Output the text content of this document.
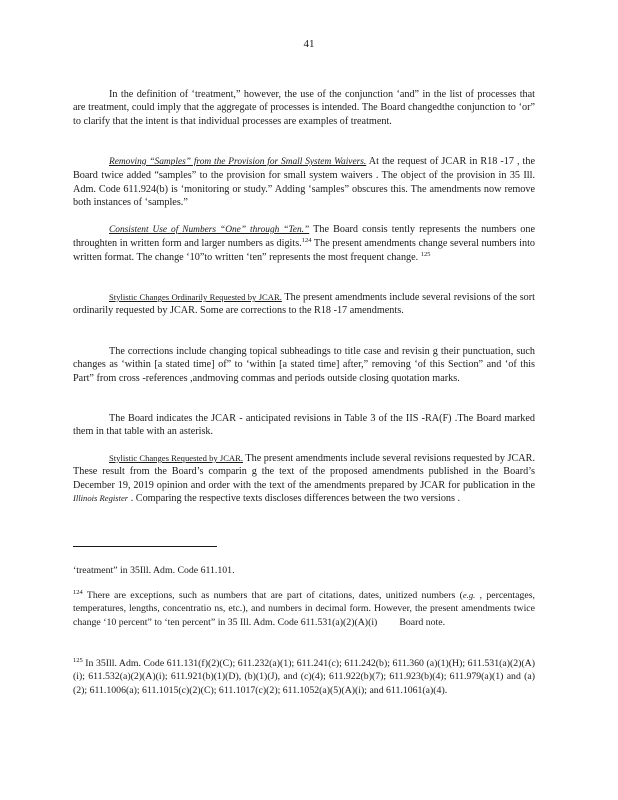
41

In the definition of ‘treatment,” however, the use of the conjunction ‘and” in the list of processes that are treatment, could imply that the aggregate of processes is intended. The Board changedthe conjunction to ‘or” to clarify that the intent is that individual processes are examples of treatment.

Removing “Samples” from the Provision for Small System Waivers. At the request of JCAR in R18 -17 , the Board twice added “samples” to the provision for small system waivers . The object of the provision in 35 Ill. Adm. Code 611.924(b) is ‘monitoring or study.” Adding ‘samples” obscures this. The amendments now remove both instances of ‘samples.”

Consistent Use of Numbers “One” through “Ten.” The Board consis tently represents the numbers one throughten in written form and larger numbers as digits.$^{124}$ The present amendments change several numbers into written format. The change ‘10”to written ‘ten” represents the most frequent change. $^{125}$

Stylistic Changes Ordinarily Requested by JCAR. The present amendments include several revisions of the sort ordinarily requested by JCAR. Some are corrections to the R18 -17 amendments.

The corrections include changing topical subheadings to title case and revisin g their punctuation, such changes as ‘within [a stated time] of” to ‘within [a stated time] after,” removing ‘of this Section” and ‘of this Part” from cross -references ,andmoving commas and periods outside closing quotation marks.

The Board indicates the JCAR - anticipated revisions in Table 3 of the IIS -RA(F) .The Board marked them in that table with an asterisk.

Stylistic Changes Requested by JCAR. The present amendments include several revisions requested by JCAR. These result from the Board’s comparin g the text of the proposed amendments published in the Board’s December 19, 2019 opinion and order with the text of the amendments prepared by JCAR for publication in the Illinois Register . Comparing the respective texts discloses differences between the two versions .

‘treatment” in 35Ill. Adm. Code 611.101.

$^{124}$ There are exceptions, such as numbers that are part of citations, dates, unitized numbers (e.g. , percentages, temperatures, lengths, concentratio ns, etc.), and numbers in decimal form. However, the present amendments twice change ‘10 percent” to ‘ten percent” in 35 Ill. Adm. Code 611.531(a)(2)(A)(i) Board note.

$^{125}$ In 35Ill. Adm. Code 611.131(f)(2)(C); 611.232(a)(1); 611.241(c); 611.242(b); 611.360 (a)(1)(H); 611.531(a)(2)(A)(i); 611.532(a)(2)(A)(i); 611.921(b)(1)(D), (b)(1)(J), and (c)(4); 611.922(b)(7); 611.923(b)(4); 611.979(a)(1) and (a)(2); 611.1006(a); 611.1015(c)(2)(C); 611.1017(c)(2); 611.1052(a)(5)(A)(i); and 611.1061(a)(4).
